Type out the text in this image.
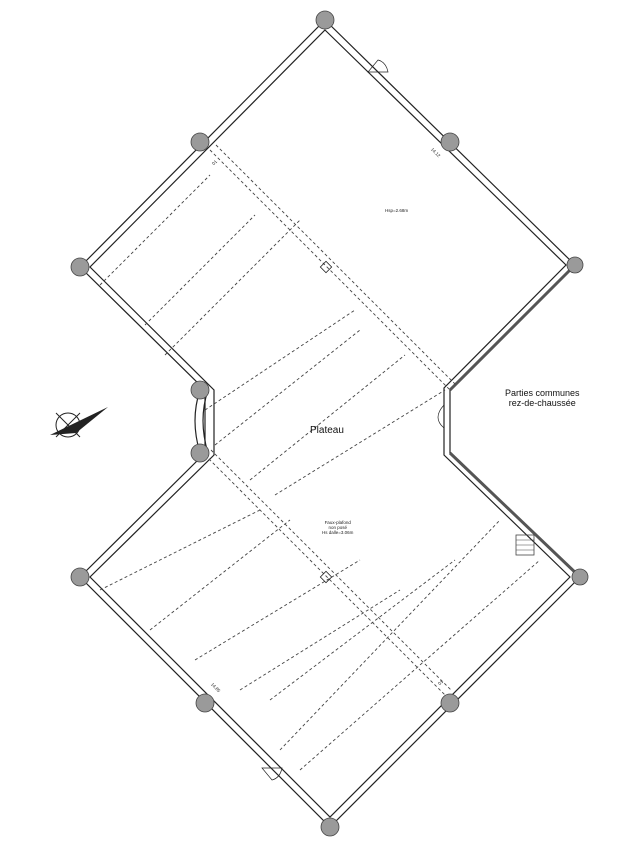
Plateau
Parties communes
rez-de-chaussée
Hsp=2.68m
Faux-plafond
non posé
Hs dalle=3.06m
14.12
01
14.85	01
